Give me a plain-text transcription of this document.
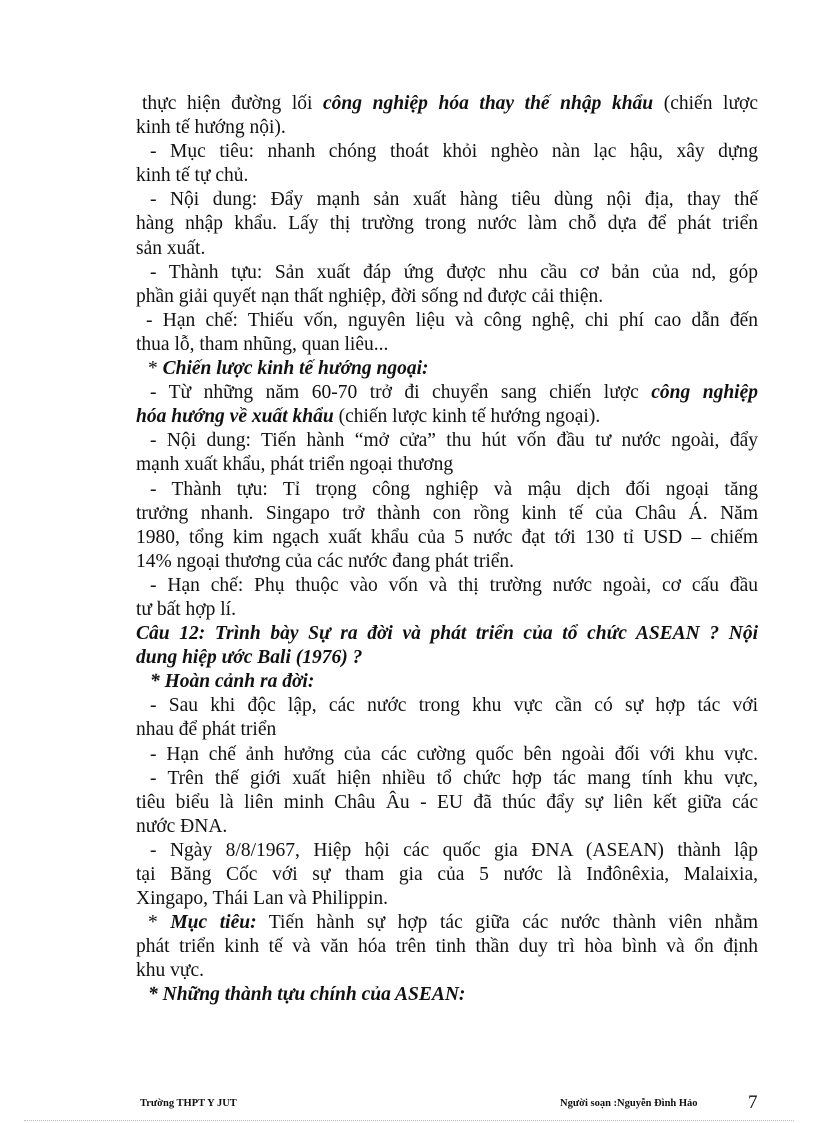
thực hiện đường lối công nghiệp hóa thay thế nhập khẩu (chiến lược
kinh tế hướng nội).
- Mục tiêu: nhanh chóng thoát khỏi nghèo nàn lạc hậu, xây dựng
kinh tế tự chủ.
- Nội dung: Đẩy mạnh sản xuất hàng tiêu dùng nội địa, thay thế
hàng nhập khẩu. Lấy thị trường trong nước làm chỗ dựa để phát triển
sản xuất.
- Thành tựu: Sản xuất đáp ứng được nhu cầu cơ bản của nd, góp
phần giải quyết nạn thất nghiệp, đời sống nd được cải thiện.
- Hạn chế: Thiếu vốn, nguyên liệu và công nghệ, chi phí cao dẫn đến
thua lỗ, tham nhũng, quan liêu...
* Chiến lược kinh tế hướng ngoại:
- Từ những năm 60-70 trở đi chuyển sang chiến lược công nghiệp
hóa hướng về xuất khẩu (chiến lược kinh tế hướng ngoại).
- Nội dung: Tiến hành “mở cửa” thu hút vốn đầu tư nước ngoài, đẩy
mạnh xuất khẩu, phát triển ngoại thương
- Thành tựu: Tỉ trọng công nghiệp và mậu dịch đối ngoại tăng
trưởng nhanh. Singapo trở thành con rồng kinh tế của Châu Á. Năm
1980, tổng kim ngạch xuất khẩu của 5 nước đạt tới 130 tỉ USD – chiếm
14% ngoại thương của các nước đang phát triển.
- Hạn chế: Phụ thuộc vào vốn và thị trường nước ngoài, cơ cấu đầu
tư bất hợp lí.
Câu 12: Trình bày Sự ra đời và phát triển của tổ chức ASEAN ? Nội
dung hiệp ước Bali (1976) ?
* Hoàn cảnh ra đời:
- Sau khi độc lập, các nước trong khu vực cần có sự hợp tác với
nhau để phát triển
- Hạn chế ảnh hưởng của các cường quốc bên ngoài đối với khu vực.
- Trên thế giới xuất hiện nhiều tổ chức hợp tác mang tính khu vực,
tiêu biểu là liên minh Châu Âu - EU đã thúc đẩy sự liên kết giữa các
nước ĐNA.
- Ngày 8/8/1967, Hiệp hội các quốc gia ĐNA (ASEAN) thành lập
tại Băng Cốc với sự tham gia của 5 nước là Inđônêxia, Malaixia,
Xingapo, Thái Lan và Philippin.
* Mục tiêu: Tiến hành sự hợp tác giữa các nước thành viên nhằm
phát triển kinh tế và văn hóa trên tinh thần duy trì hòa bình và ổn định
khu vực.
* Những thành tựu chính của ASEAN:
Trường THPT Y JUT	Người soạn :Nguyễn Đình Hảo	7
